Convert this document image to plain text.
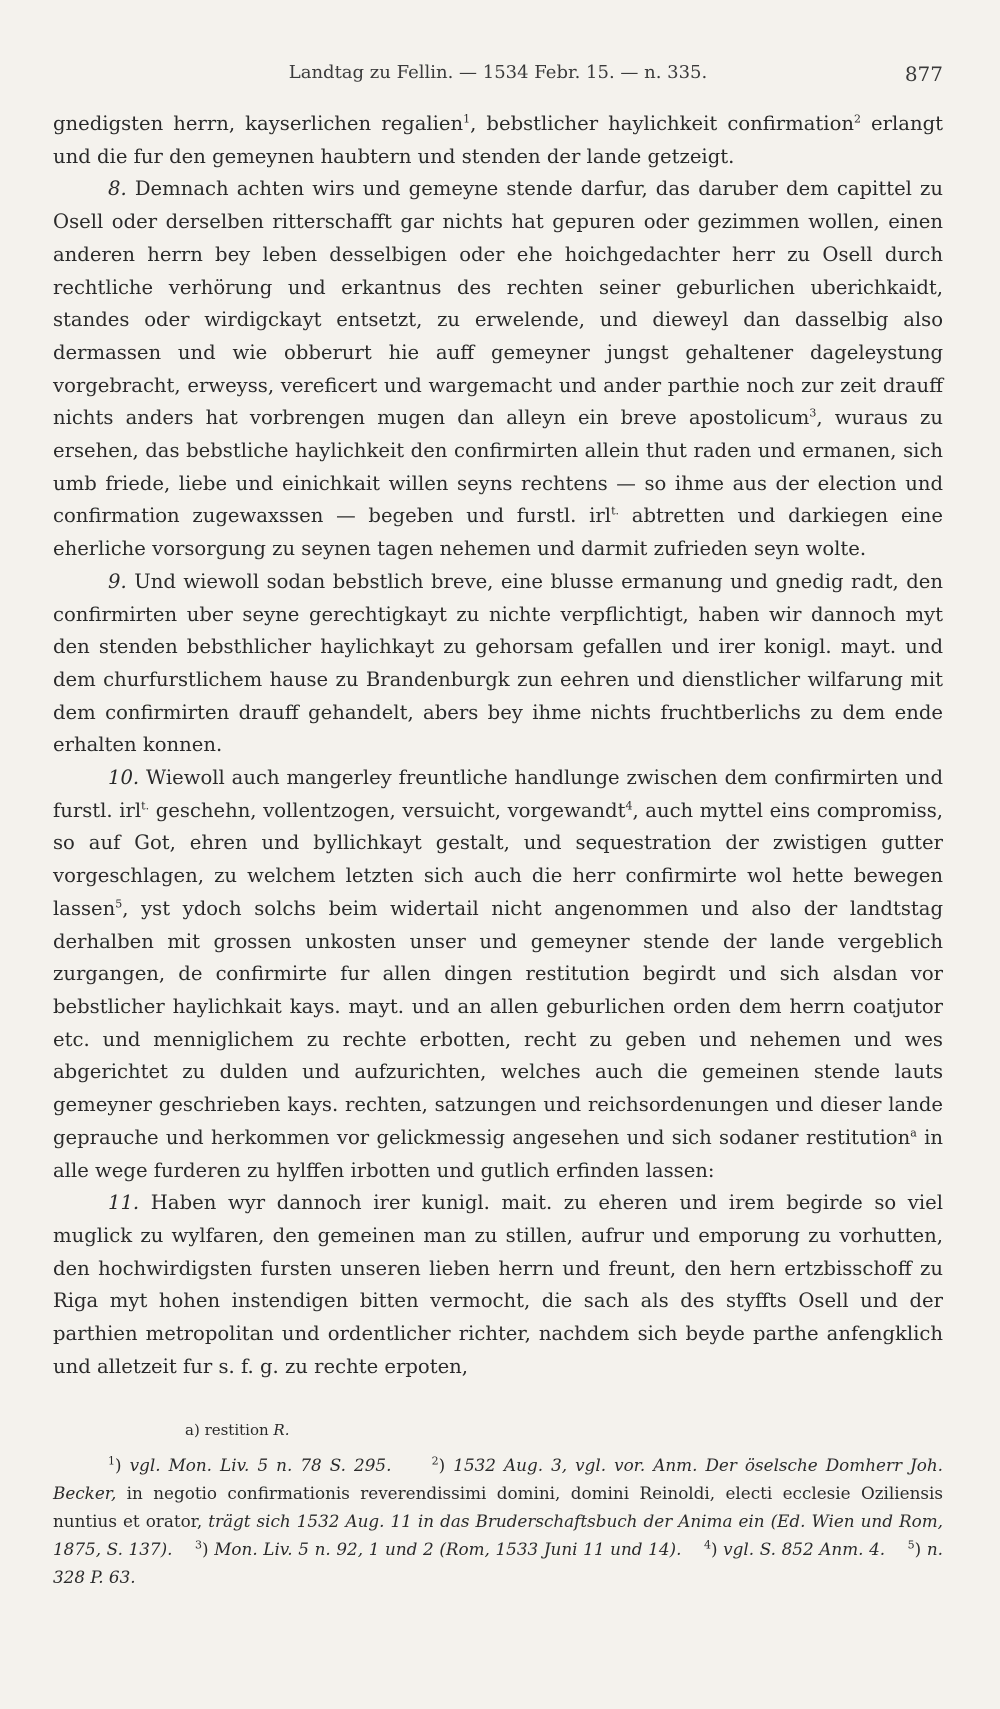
Landtag zu Fellin. — 1534 Febr. 15. — n. 335.	877

gnedigsten herrn, kayserlichen regalien$^1$, bebstlicher haylichkeit confirmation$^2$ erlangt und die fur den gemeynen haubtern und stenden der lande getzeigt.

8. Demnach achten wirs und gemeyne stende darfur, das daruber dem capittel zu Osell oder derselben ritterschafft gar nichts hat gepuren oder gezimmen wollen, einen anderen herrn bey leben desselbigen oder ehe hoichgedachter herr zu Osell durch rechtliche verhörung und erkantnus des rechten seiner geburlichen uberichkaidt, standes oder wirdigckayt entsetzt, zu erwelende, und dieweyl dan dasselbig also dermassen und wie obberurt hie auff gemeyner jungst gehaltener dageleystung vorgebracht, erweyss, vereficert und wargemacht und ander parthie noch zur zeit drauff nichts anders hat vorbrengen mugen dan alleyn ein breve apostolicum$^3$, wuraus zu ersehen, das bebstliche haylichkeit den confirmirten allein thut raden und ermanen, sich umb friede, liebe und einichkait willen seyns rechtens — so ihme aus der election und confirmation zugewaxssen — begeben und furstl. irl$^{t.}$ abtretten und darkiegen eine eherliche vorsorgung zu seynen tagen nehemen und darmit zufrieden seyn wolte.

9. Und wiewoll sodan bebstlich breve, eine blusse ermanung und gnedig radt, den confirmirten uber seyne gerechtigkayt zu nichte verpflichtigt, haben wir dannoch myt den stenden bebsthlicher haylichkayt zu gehorsam gefallen und irer konigl. mayt. und dem churfurstlichem hause zu Brandenburgk zun eehren und dienstlicher wilfarung mit dem confirmirten drauff gehandelt, abers bey ihme nichts fruchtberlichs zu dem ende erhalten konnen.

10. Wiewoll auch mangerley freuntliche handlunge zwischen dem confirmirten und furstl. irl$^{t.}$ geschehn, vollentzogen, versuicht, vorgewandt$^4$, auch myttel eins compromiss, so auf Got, ehren und byllichkayt gestalt, und sequestration der zwistigen gutter vorgeschlagen, zu welchem letzten sich auch die herr confirmirte wol hette bewegen lassen$^5$, yst ydoch solchs beim widertail nicht angenommen und also der landtstag derhalben mit grossen unkosten unser und gemeyner stende der lande vergeblich zurgangen, de confirmirte fur allen dingen restitution begirdt und sich alsdan vor bebstlicher haylichkait kays. mayt. und an allen geburlichen orden dem herrn coatjutor etc. und menniglichem zu rechte erbotten, recht zu geben und nehemen und wes abgerichtet zu dulden und aufzurichten, welches auch die gemeinen stende lauts gemeyner geschrieben kays. rechten, satzungen und reichsordenungen und dieser lande geprauche und herkommen vor gelickmessig angesehen und sich sodaner restitution$^a$ in alle wege furderen zu hylffen irbotten und gutlich erfinden lassen:

11. Haben wyr dannoch irer kunigl. mait. zu eheren und irem begirde so viel muglick zu wylfaren, den gemeinen man zu stillen, aufrur und emporung zu vorhutten, den hochwirdigsten fursten unseren lieben herrn und freunt, den hern ertzbisschoff zu Riga myt hohen instendigen bitten vermocht, die sach als des styffts Osell und der parthien metropolitan und ordentlicher richter, nachdem sich beyde parthe anfengklich und alletzeit fur s. f. g. zu rechte erpoten,

a) restition R.

$^1$) vgl. Mon. Liv. 5 n. 78 S. 295.	$^2$) 1532 Aug. 3, vgl. vor. Anm. Der öselsche Domherr Joh. Becker, in negotio confirmationis reverendissimi domini, domini Reinoldi, electi ecclesie Oziliensis nuntius et orator, trägt sich 1532 Aug. 11 in das Bruderschaftsbuch der Anima ein (Ed. Wien und Rom, 1875, S. 137). $^3$) Mon. Liv. 5 n. 92, 1 und 2 (Rom, 1533 Juni 11 und 14). $^4$) vgl. S. 852 Anm. 4. $^5$) n. 328 P. 63.
